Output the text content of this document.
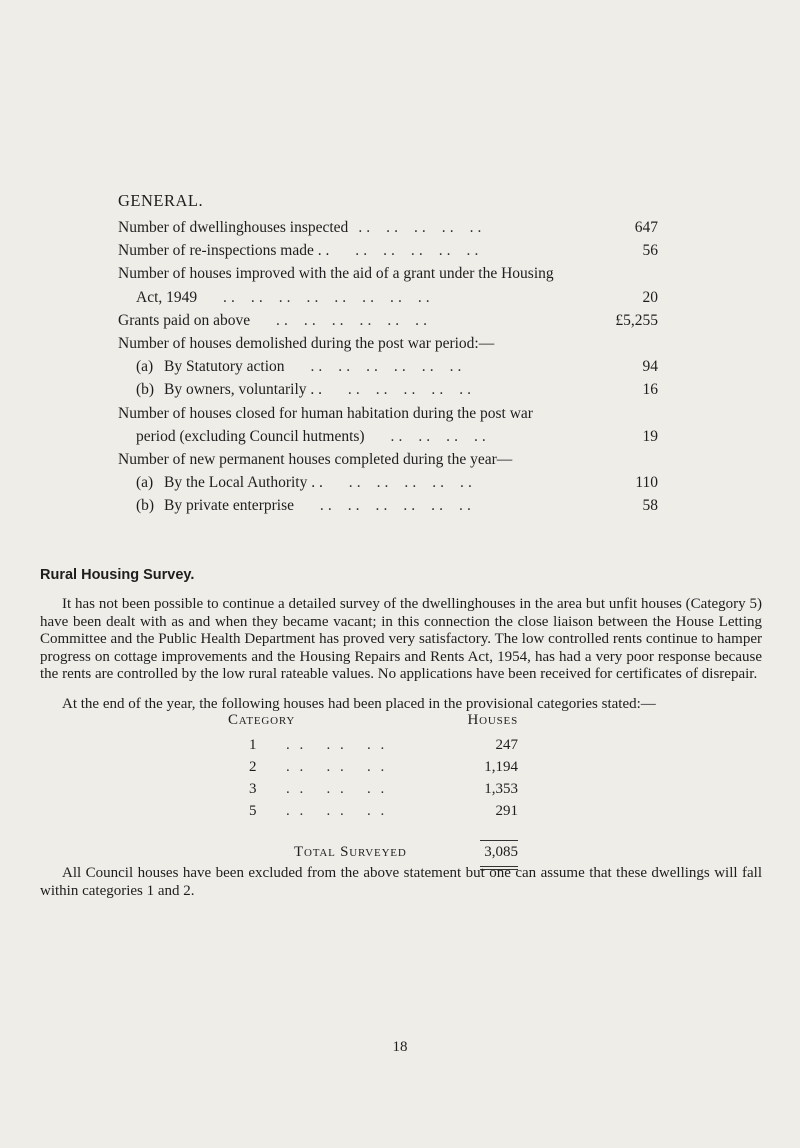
GENERAL.
Number of dwellinghouses inspected . .    . .    . .    . .    . .	647
Number of re-inspections made . . . .    . .    . .    . .    . .	56
Number of houses improved with the aid of a grant under the Housing
Act, 1949 . .    . .    . .    . .    . .    . .    . .    . .	20
Grants paid on above . .    . .    . .    . .    . .    . .	£5,255
Number of houses demolished during the post war period:—
(a) By Statutory action . .    . .    . .    . .    . .    . .	94
(b) By owners, voluntarily . . . .    . .    . .    . .    . .	16
Number of houses closed for human habitation during the post war
period (excluding Council hutments) . .    . .    . .    . .	19
Number of new permanent houses completed during the year—
(a) By the Local Authority . . . .    . .    . .    . .    . .	110
(b) By private enterprise . .    . .    . .    . .    . .    . .	58
Rural Housing Survey.

It has not been possible to continue a detailed survey of the dwellinghouses in the area but unfit houses (Category 5) have been dealt with as and when they became vacant; in this connection the close liaison between the House Letting Committee and the Public Health Department has proved very satisfactory. The low controlled rents continue to hamper progress on cottage improvements and the Housing Repairs and Rents Act, 1954, has had a very poor response because the rents are controlled by the low rural rateable values. No applications have been received for certificates of disrepair.

At the end of the year, the following houses had been placed in the provisional categories stated:—

Category	Houses
1 . .   . .   . .	247
2 . .   . .   . .	1,194
3 . .   . .   . .	1,353
5 . .   . .   . .	291
Total Surveyed	3,085

All Council houses have been excluded from the above statement but one can assume that these dwellings will fall within categories 1 and 2.

18
